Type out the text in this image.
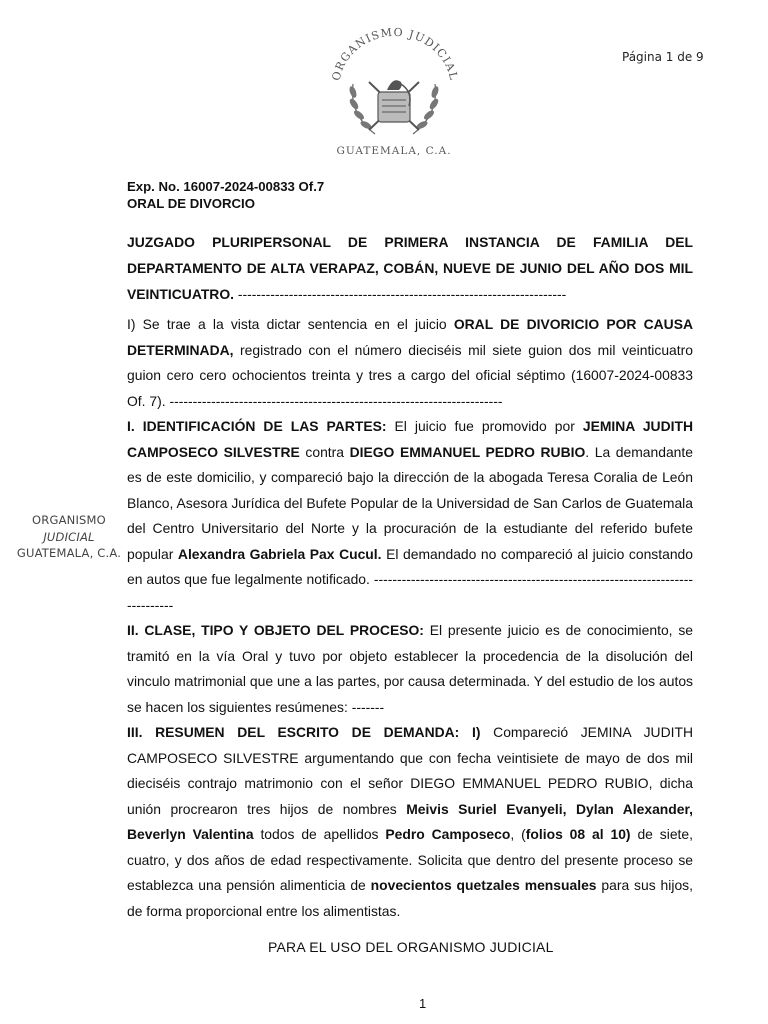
Página 1 de 9
ORGANISMO JUDICIAL
GUATEMALA, C.A.
ORGANISMO
JUDICIAL
GUATEMALA, C.A.
Exp. No. 16007-2024-00833 Of.7
ORAL DE DIVORCIO
JUZGADO PLURIPERSONAL DE PRIMERA INSTANCIA DE FAMILIA DEL DEPARTAMENTO DE ALTA VERAPAZ, COBÁN, NUEVE DE JUNIO DEL AÑO DOS MIL VEINTICUATRO. -----------------------------------------------------------------------

I) Se trae a la vista dictar sentencia en el juicio ORAL DE DIVORICIO POR CAUSA DETERMINADA, registrado con el número dieciséis mil siete guion dos mil veinticuatro guion cero cero ochocientos treinta y tres a cargo del oficial séptimo (16007-2024-00833 Of. 7). ------------------------------------------------------------------------

I. IDENTIFICACIÓN DE LAS PARTES: El juicio fue promovido por JEMINA JUDITH CAMPOSECO SILVESTRE contra DIEGO EMMANUEL PEDRO RUBIO. La demandante es de este domicilio, y compareció bajo la dirección de la abogada Teresa Coralia de León Blanco, Asesora Jurídica del Bufete Popular de la Universidad de San Carlos de Guatemala del Centro Universitario del Norte y la procuración de la estudiante del referido bufete popular Alexandra Gabriela Pax Cucul. El demandado no compareció al juicio constando en autos que fue legalmente notificado. -------------------------------------------------------------------------------

II. CLASE, TIPO Y OBJETO DEL PROCESO: El presente juicio es de conocimiento, se tramitó en la vía Oral y tuvo por objeto establecer la procedencia de la disolución del vinculo matrimonial que une a las partes, por causa determinada. Y del estudio de los autos se hacen los siguientes resúmenes: -------

III. RESUMEN DEL ESCRITO DE DEMANDA: I) Compareció JEMINA JUDITH CAMPOSECO SILVESTRE argumentando que con fecha veintisiete de mayo de dos mil dieciséis contrajo matrimonio con el señor DIEGO EMMANUEL PEDRO RUBIO, dicha unión procrearon tres hijos de nombres Meivis Suriel Evanyeli, Dylan Alexander, Beverlyn Valentina todos de apellidos Pedro Camposeco, (folios 08 al 10) de siete, cuatro, y dos años de edad respectivamente. Solicita que dentro del presente proceso se establezca una pensión alimenticia de novecientos quetzales mensuales para sus hijos, de forma proporcional entre los alimentistas.

PARA EL USO DEL ORGANISMO JUDICIAL
1
